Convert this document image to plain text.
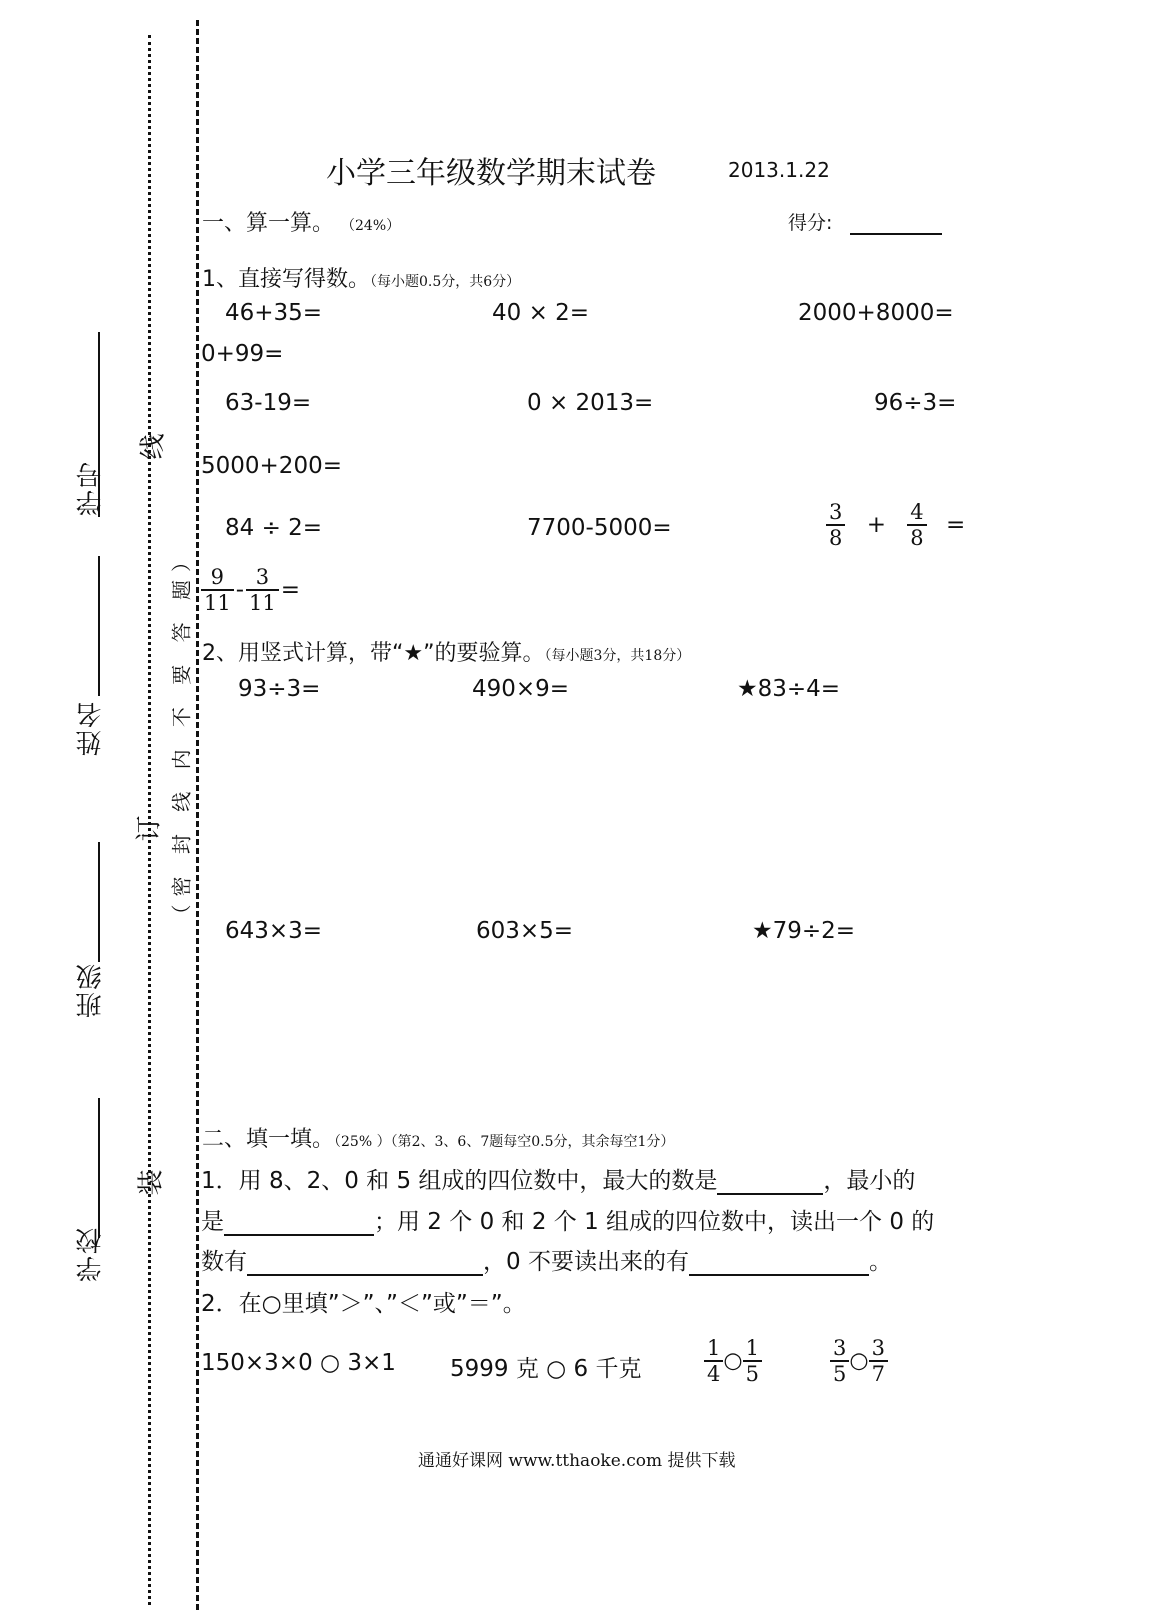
学号
姓名
班级
学校
线
订
装
（密 封 线 内 不 要 答 题）
小学三年级数学期末试卷	2013.1.22
一、算一算。 （24%）	得分:
1、直接写得数。（每小题0.5分，共6分）
46+35=	40 × 2=	2000+8000=
0+99=
63-19=	0 × 2013=	96÷3=
5000+200=
84 ÷ 2=	7700-5000=	$\frac{3}{8} + \frac{4}{8}$ =
$\frac{9}{11} - \frac{3}{11}$ =
2、用竖式计算，带“★”的要验算。（每小题3分，共18分）
93÷3=	490×9=	★83÷4=
643×3=	603×5=	★79÷2=
二、填一填。（25% ）（第2、3、6、7题每空0.5分，其余每空1分）
1．用 8、2、0 和 5 组成的四位数中，最大的数是	，最小的
是	；用 2 个 0 和 2 个 1 组成的四位数中，读出一个 0 的
数有	，0 不要读出来的有	。
2．在○里填”＞”、”＜”或”＝”。
150×3×0 ○ 3×1 5999 克 ○ 6 千克	$\frac{1}{4}$ ○ $\frac{1}{5}$	$\frac{3}{5}$ ○ $\frac{3}{7}$
通通好课网 www.tthaoke.com 提供下载
